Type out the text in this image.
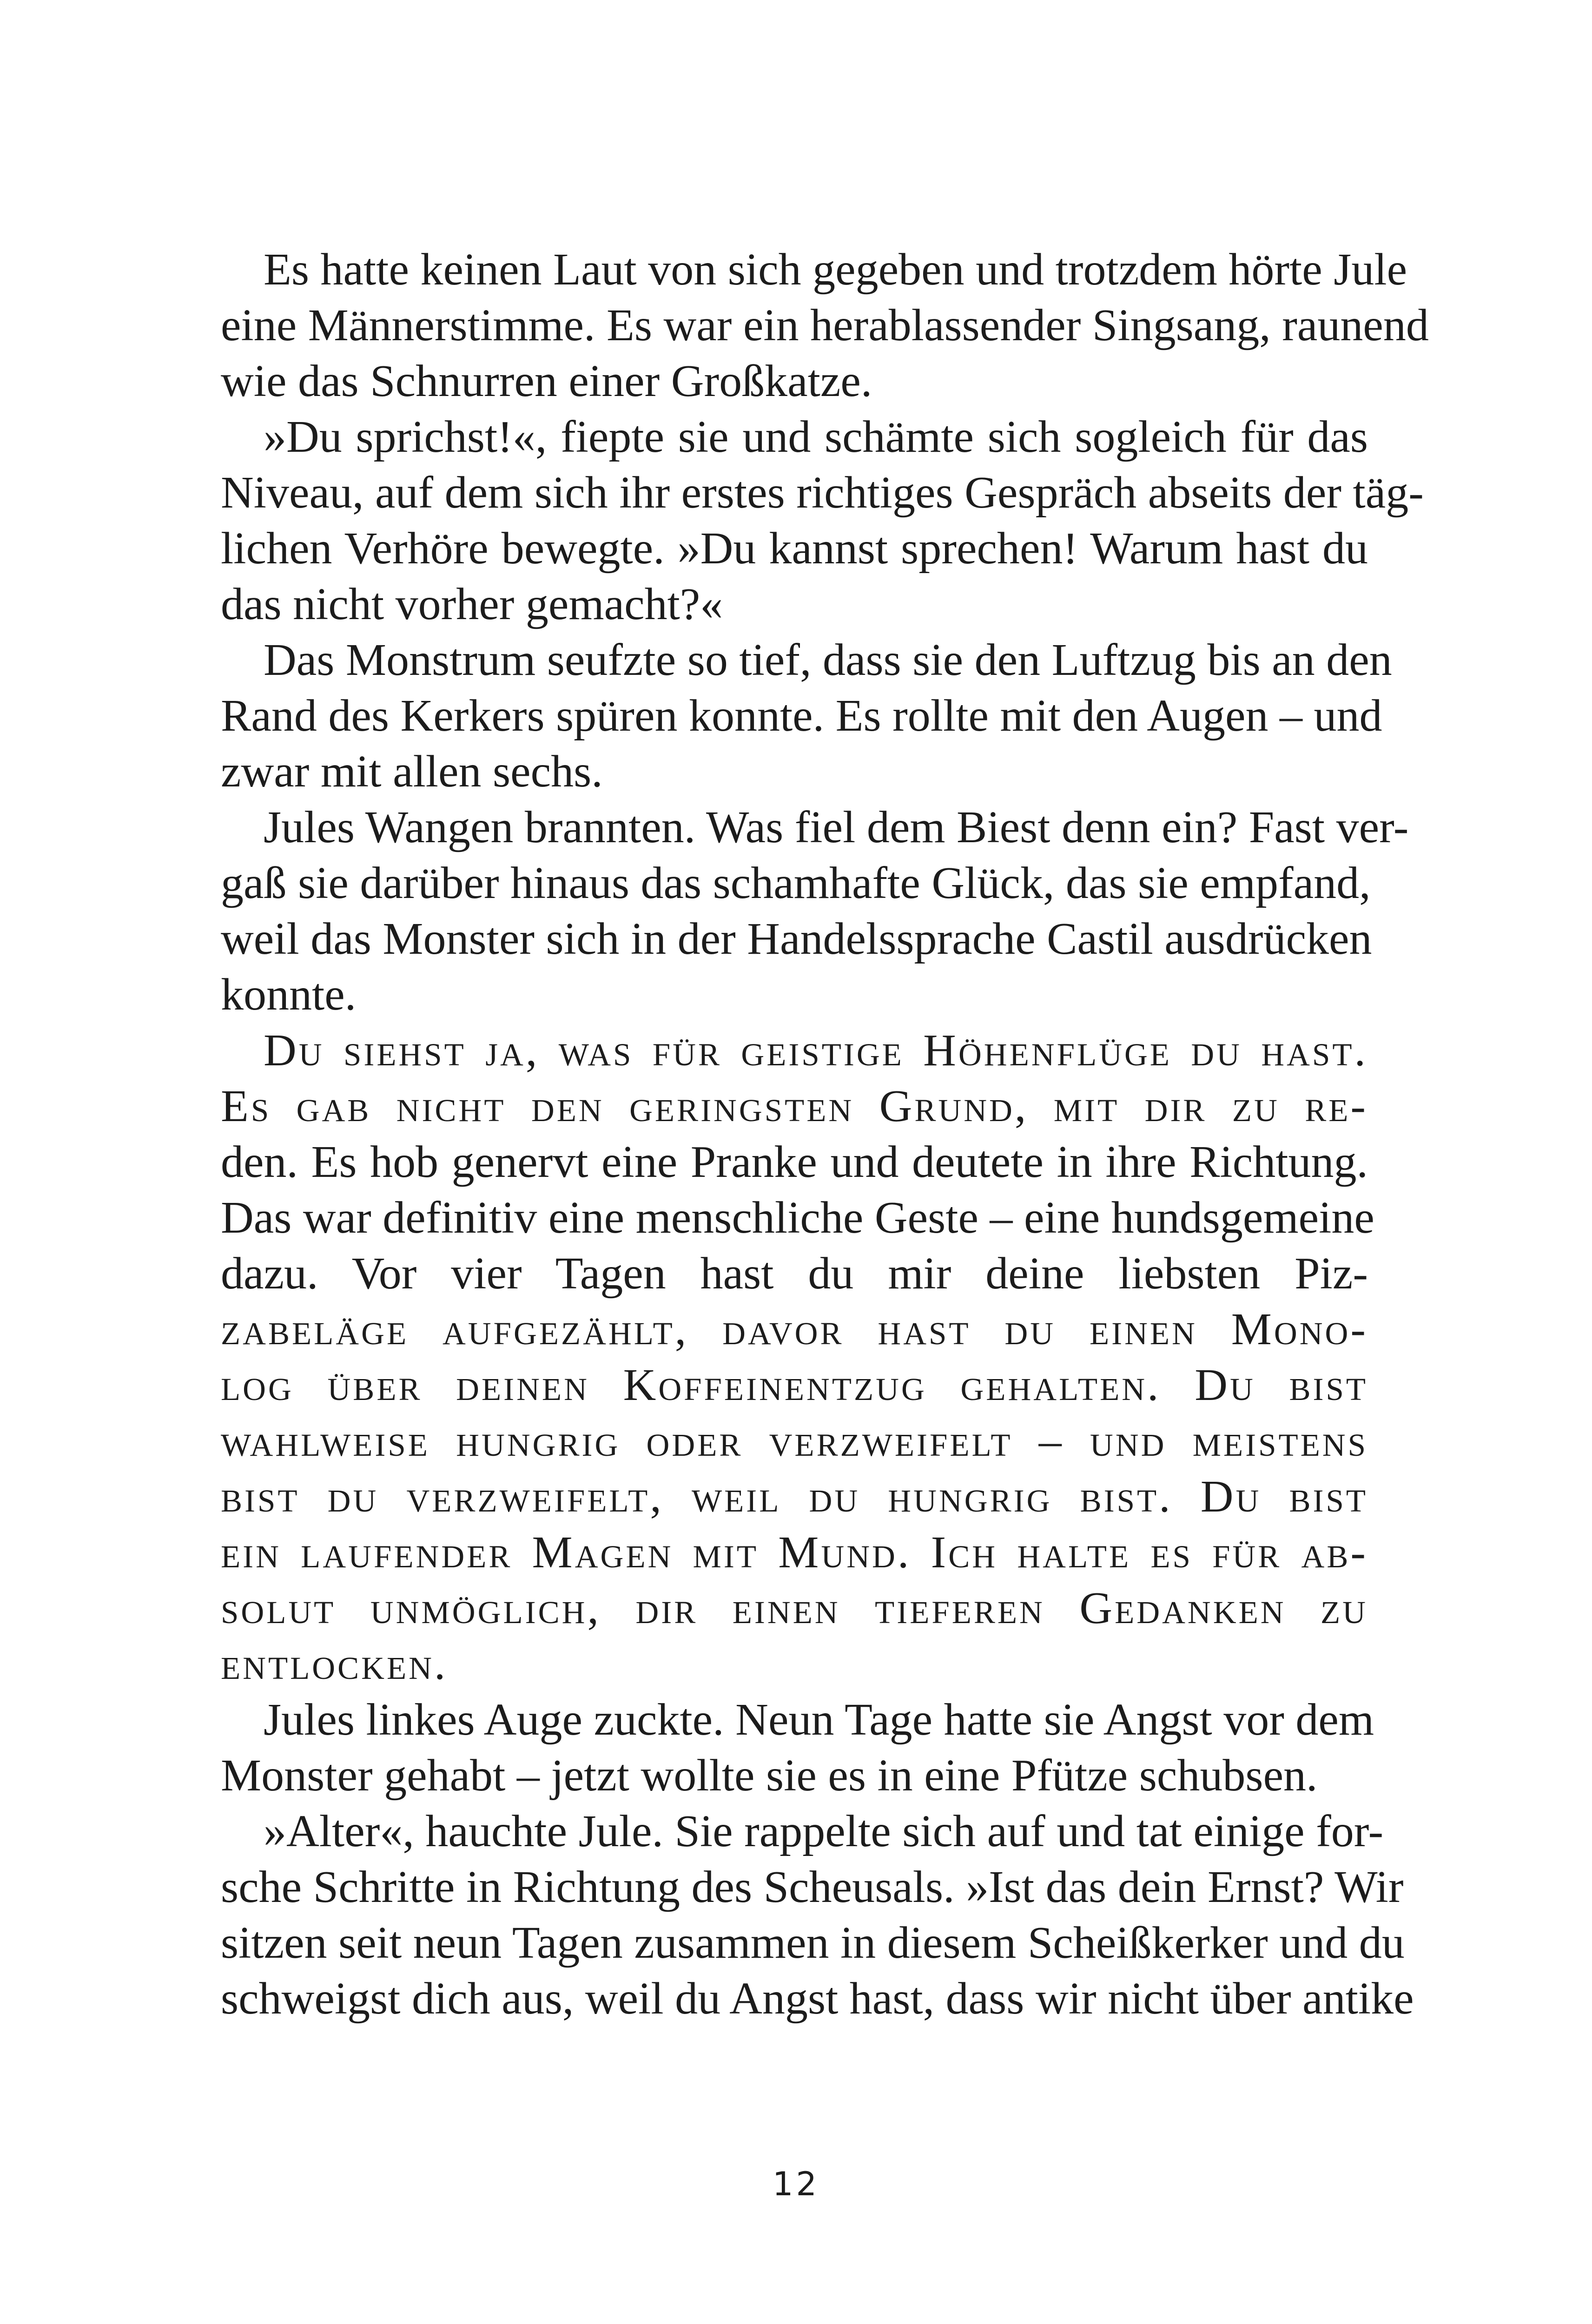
Es hatte keinen Laut von sich gegeben und trotzdem hörte Jule
eine Männerstimme. Es war ein herablassender Singsang, raunend
wie das Schnurren einer Großkatze.
»Du sprichst!«, fiepte sie und schämte sich sogleich für das
Niveau, auf dem sich ihr erstes richtiges Gespräch abseits der täg-
lichen Verhöre bewegte. »Du kannst sprechen! Warum hast du
das nicht vorher gemacht?«
Das Monstrum seufzte so tief, dass sie den Luftzug bis an den
Rand des Kerkers spüren konnte. Es rollte mit den Augen – und
zwar mit allen sechs.
Jules Wangen brannten. Was fiel dem Biest denn ein? Fast ver-
gaß sie darüber hinaus das schamhafte Glück, das sie empfand,
weil das Monster sich in der Handelssprache Castil ausdrücken
konnte.
Du siehst ja, was für geistige Höhenflüge du hast.
Es gab nicht den geringsten Grund, mit dir zu re-
den. Es hob genervt eine Pranke und deutete in ihre Richtung.
Das war definitiv eine menschliche Geste – eine hundsgemeine
dazu. Vor vier Tagen hast du mir deine liebsten Piz-
zabeläge aufgezählt, davor hast du einen Mono-
log über deinen Koffeinentzug gehalten. Du bist
wahlweise hungrig oder verzweifelt – und meistens
bist du verzweifelt, weil du hungrig bist. Du bist
ein laufender Magen mit Mund. Ich halte es für ab-
solut unmöglich, dir einen tieferen Gedanken zu
entlocken.
Jules linkes Auge zuckte. Neun Tage hatte sie Angst vor dem
Monster gehabt – jetzt wollte sie es in eine Pfütze schubsen.
»Alter«, hauchte Jule. Sie rappelte sich auf und tat einige for-
sche Schritte in Richtung des Scheusals. »Ist das dein Ernst? Wir
sitzen seit neun Tagen zusammen in diesem Scheißkerker und du
schweigst dich aus, weil du Angst hast, dass wir nicht über antike
12
